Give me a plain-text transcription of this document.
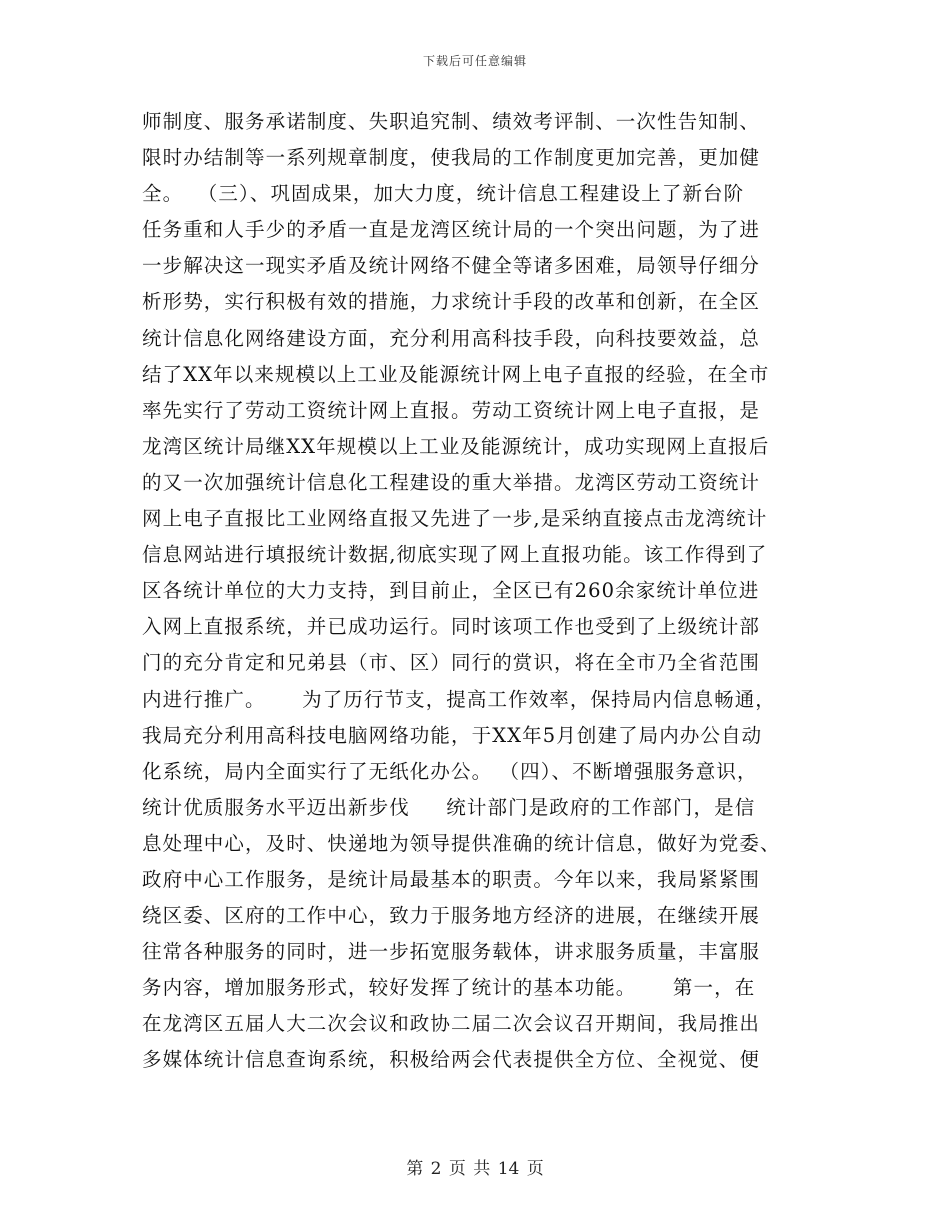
下载后可任意编辑
师制度、服务承诺制度、失职追究制、绩效考评制、一次性告知制、
限时办结制等一系列规章制度，使我局的工作制度更加完善，更加健
全。  （三）、巩固成果，加大力度，统计信息工程建设上了新台阶
任务重和人手少的矛盾一直是龙湾区统计局的一个突出问题，为了进
一步解决这一现实矛盾及统计网络不健全等诸多困难，局领导仔细分
析形势，实行积极有效的措施，力求统计手段的改革和创新，在全区
统计信息化网络建设方面，充分利用高科技手段，向科技要效益，总
结了XX年以来规模以上工业及能源统计网上电子直报的经验，在全市
率先实行了劳动工资统计网上直报。劳动工资统计网上电子直报，是
龙湾区统计局继XX年规模以上工业及能源统计，成功实现网上直报后
的又一次加强统计信息化工程建设的重大举措。龙湾区劳动工资统计
网上电子直报比工业网络直报又先进了一步,是采纳直接点击龙湾统计
信息网站进行填报统计数据,彻底实现了网上直报功能。该工作得到了
区各统计单位的大力支持，到目前止，全区已有260余家统计单位进
入网上直报系统，并已成功运行。同时该项工作也受到了上级统计部
门的充分肯定和兄弟县（市、区）同行的赏识，将在全市乃全省范围
内进行推广。     为了历行节支，提高工作效率，保持局内信息畅通，
我局充分利用高科技电脑网络功能，于XX年5月创建了局内办公自动
化系统，局内全面实行了无纸化办公。 （四）、不断增强服务意识，
统计优质服务水平迈出新步伐     统计部门是政府的工作部门，是信
息处理中心，及时、快递地为领导提供准确的统计信息，做好为党委、
政府中心工作服务，是统计局最基本的职责。今年以来，我局紧紧围
绕区委、区府的工作中心，致力于服务地方经济的进展，在继续开展
往常各种服务的同时，进一步拓宽服务载体，讲求服务质量，丰富服
务内容，增加服务形式，较好发挥了统计的基本功能。     第一，在
在龙湾区五届人大二次会议和政协二届二次会议召开期间，我局推出
多媒体统计信息查询系统，积极给两会代表提供全方位、全视觉、便
第 2 页 共 14 页
